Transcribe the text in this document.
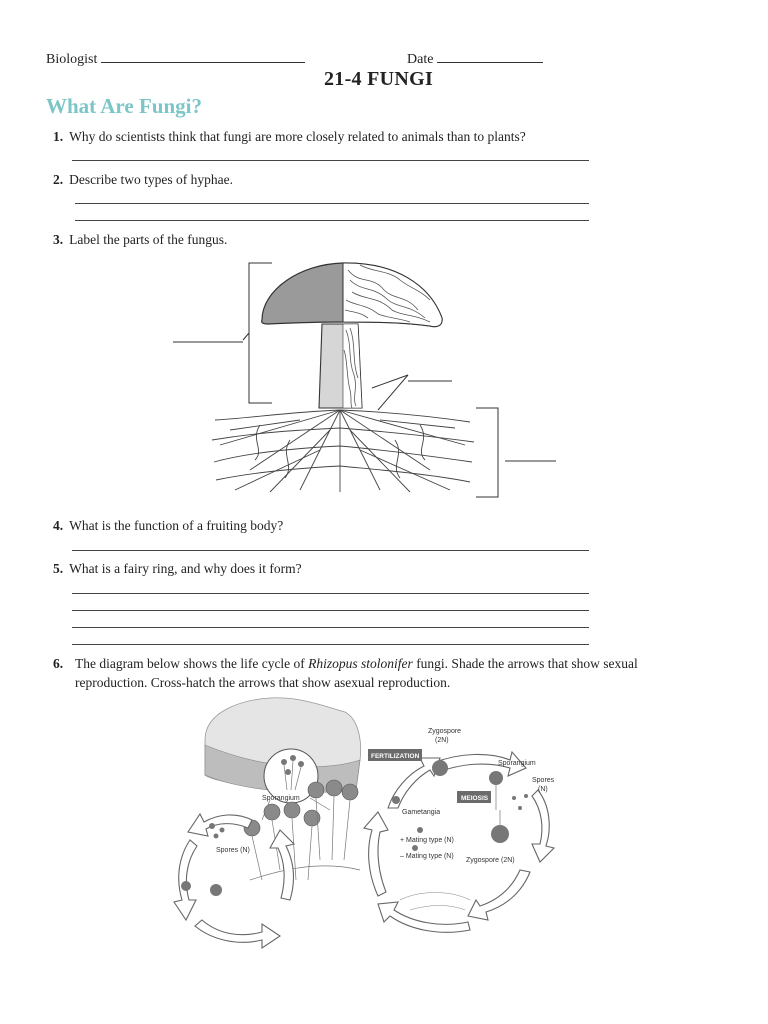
Biologist	Date
21-4 FUNGI
What Are Fungi?
1. Why do scientists think that fungi are more closely related to animals than to plants?
2. Describe two types of hyphae.
3. Label the parts of the fungus.
4. What is the function of a fruiting body?
5. What is a fairy ring, and why does it form?
6. The diagram below shows the life cycle of Rhizopus stolonifer fungi. Shade the arrows that show sexual reproduction. Cross-hatch the arrows that show asexual reproduction.
Sporangium
Spores (N)
FERTILIZATION
MEIOSIS
Zygospore
(2N)
Sporangium
Spores
(N)
Gametangia
+ Mating type (N)
– Mating type (N)
Zygospore (2N)
